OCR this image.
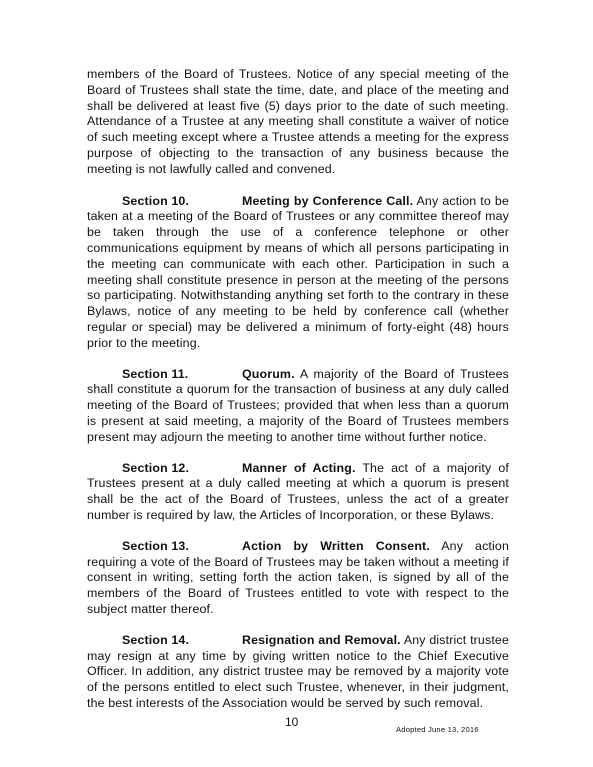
members of the Board of Trustees. Notice of any special meeting of the Board of Trustees shall state the time, date, and place of the meeting and shall be delivered at least five (5) days prior to the date of such meeting. Attendance of a Trustee at any meeting shall constitute a waiver of notice of such meeting except where a Trustee attends a meeting for the express purpose of objecting to the transaction of any business because the meeting is not lawfully called and convened.

Section 10.	Meeting by Conference Call. Any action to be taken at a meeting of the Board of Trustees or any committee thereof may be taken through the use of a conference telephone or other communications equipment by means of which all persons participating in the meeting can communicate with each other. Participation in such a meeting shall constitute presence in person at the meeting of the persons so participating. Notwithstanding anything set forth to the contrary in these Bylaws, notice of any meeting to be held by conference call (whether regular or special) may be delivered a minimum of forty-eight (48) hours prior to the meeting.

Section 11.	Quorum. A majority of the Board of Trustees shall constitute a quorum for the transaction of business at any duly called meeting of the Board of Trustees; provided that when less than a quorum is present at said meeting, a majority of the Board of Trustees members present may adjourn the meeting to another time without further notice.

Section 12.	Manner of Acting. The act of a majority of Trustees present at a duly called meeting at which a quorum is present shall be the act of the Board of Trustees, unless the act of a greater number is required by law, the Articles of Incorporation, or these Bylaws.

Section 13.	Action by Written Consent. Any action requiring a vote of the Board of Trustees may be taken without a meeting if consent in writing, setting forth the action taken, is signed by all of the members of the Board of Trustees entitled to vote with respect to the subject matter thereof.

Section 14.	Resignation and Removal. Any district trustee may resign at any time by giving written notice to the Chief Executive Officer. In addition, any district trustee may be removed by a majority vote of the persons entitled to elect such Trustee, whenever, in their judgment, the best interests of the Association would be served by such removal.

10
Adopted June 13, 2016
